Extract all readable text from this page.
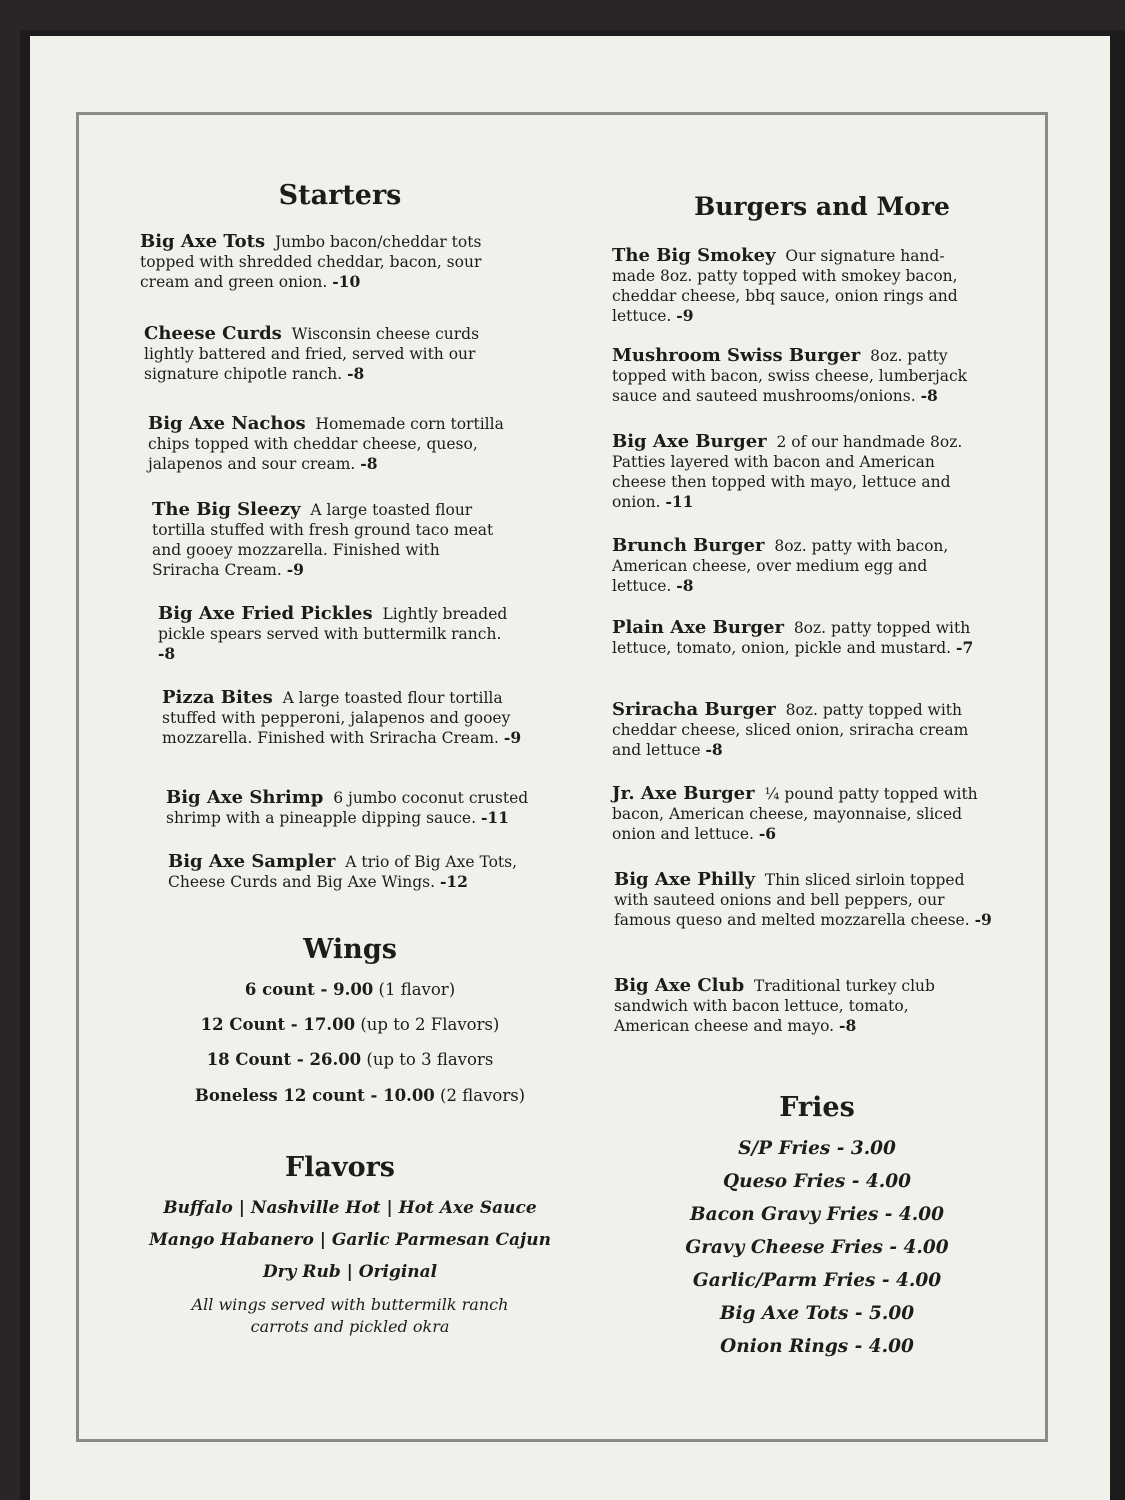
Starters

Big Axe Tots Jumbo bacon/cheddar tots topped with shredded cheddar, bacon, sour cream and green onion. -10

Cheese Curds Wisconsin cheese curds lightly battered and fried, served with our signature chipotle ranch. -8

Big Axe Nachos Homemade corn tortilla chips topped with cheddar cheese, queso, jalapenos and sour cream. -8

The Big Sleezy A large toasted flour tortilla stuffed with fresh ground taco meat and gooey mozzarella. Finished with Sriracha Cream. -9

Big Axe Fried Pickles Lightly breaded pickle spears served with buttermilk ranch. -8

Pizza Bites A large toasted flour tortilla stuffed with pepperoni, jalapenos and gooey mozzarella. Finished with Sriracha Cream. -9

Big Axe Shrimp 6 jumbo coconut crusted shrimp with a pineapple dipping sauce. -11

Big Axe Sampler A trio of Big Axe Tots, Cheese Curds and Big Axe Wings. -12

Wings

6 count - 9.00 (1 flavor)

12 Count - 17.00 (up to 2 Flavors)

18 Count - 26.00 (up to 3 flavors

Boneless 12 count - 10.00 (2 flavors)

Flavors

Buffalo | Nashville Hot | Hot Axe Sauce

Mango Habanero | Garlic Parmesan Cajun

Dry Rub | Original

All wings served with buttermilk ranch

carrots and pickled okra

Burgers and More

The Big Smokey Our signature hand-made 8oz. patty topped with smokey bacon, cheddar cheese, bbq sauce, onion rings and lettuce. -9

Mushroom Swiss Burger 8oz. patty topped with bacon, swiss cheese, lumberjack sauce and sauteed mushrooms/onions. -8

Big Axe Burger 2 of our handmade 8oz. Patties layered with bacon and American cheese then topped with mayo, lettuce and onion. -11

Brunch Burger 8oz. patty with bacon, American cheese, over medium egg and lettuce. -8

Plain Axe Burger 8oz. patty topped with lettuce, tomato, onion, pickle and mustard. -7

Sriracha Burger 8oz. patty topped with cheddar cheese, sliced onion, sriracha cream and lettuce -8

Jr. Axe Burger ¼ pound patty topped with bacon, American cheese, mayonnaise, sliced onion and lettuce. -6

Big Axe Philly Thin sliced sirloin topped with sauteed onions and bell peppers, our famous queso and melted mozzarella cheese. -9

Big Axe Club Traditional turkey club sandwich with bacon lettuce, tomato, American cheese and mayo. -8

Fries

S/P Fries - 3.00

Queso Fries - 4.00

Bacon Gravy Fries - 4.00

Gravy Cheese Fries - 4.00

Garlic/Parm Fries - 4.00

Big Axe Tots - 5.00

Onion Rings - 4.00
